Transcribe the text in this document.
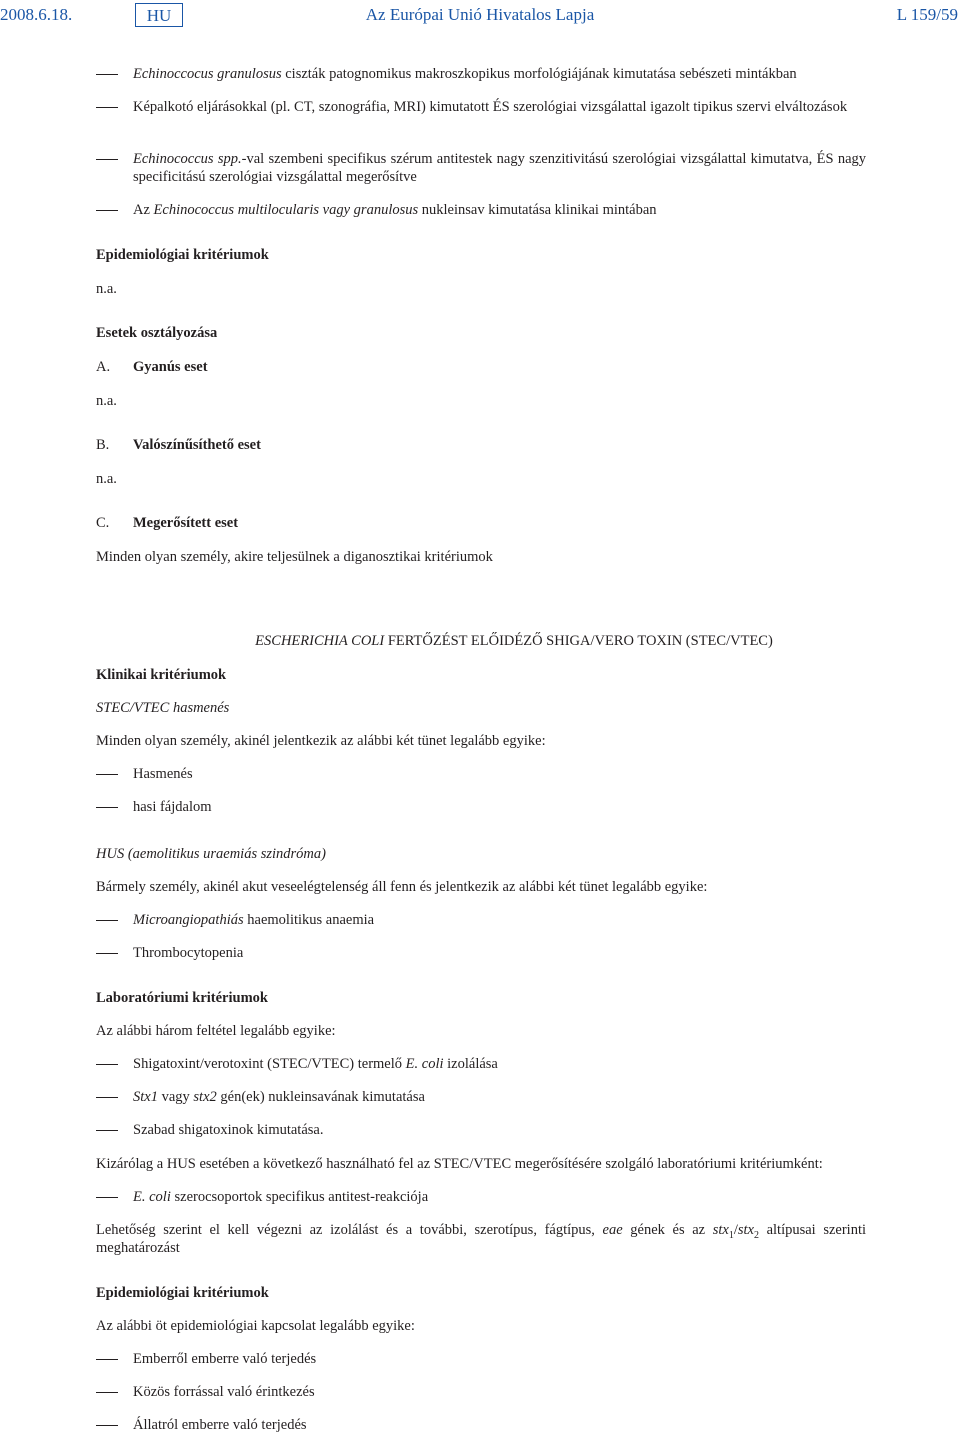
2008.6.18.	HU	Az Európai Unió Hivatalos Lapja	L 159/59
Echinoccocus granulosus ciszták patognomikus makroszkopikus morfológiájának kimutatása sebészeti mintákban
Képalkotó eljárásokkal (pl. CT, szonográfia, MRI) kimutatott ÉS szerológiai vizsgálattal igazolt tipikus szervi elváltozások
Echinococcus spp.-val szembeni specifikus szérum antitestek nagy szenzitivitású szerológiai vizsgálattal kimutatva, ÉS nagy specificitású szerológiai vizsgálattal megerősítve
Az Echinococcus multilocularis vagy granulosus nukleinsav kimutatása klinikai mintában
Epidemiológiai kritériumok
n.a.
Esetek osztályozása
A. Gyanús eset
n.a.
B. Valószínűsíthető eset
n.a.
C. Megerősített eset
Minden olyan személy, akire teljesülnek a diganosztikai kritériumok
ESCHERICHIA COLI FERTŐZÉST ELŐIDÉZŐ SHIGA/VERO TOXIN (STEC/VTEC)
Klinikai kritériumok
STEC/VTEC hasmenés
Minden olyan személy, akinél jelentkezik az alábbi két tünet legalább egyike:
Hasmenés
hasi fájdalom
HUS (aemolitikus uraemiás szindróma)
Bármely személy, akinél akut veseelégtelenség áll fenn és jelentkezik az alábbi két tünet legalább egyike:
Microangiopathiás haemolitikus anaemia
Thrombocytopenia
Laboratóriumi kritériumok
Az alábbi három feltétel legalább egyike:
Shigatoxint/verotoxint (STEC/VTEC) termelő E. coli izolálása
Stx1 vagy stx2 gén(ek) nukleinsavának kimutatása
Szabad shigatoxinok kimutatása.
Kizárólag a HUS esetében a következő használható fel az STEC/VTEC megerősítésére szolgáló laboratóriumi kritériumként:
E. coli szerocsoportok specifikus antitest-reakciója
Lehetőség szerint el kell végezni az izolálást és a további, szerotípus, fágtípus, eae gének és az stx$_1$/stx$_2$ altípusai szerinti meghatározást
Epidemiológiai kritériumok
Az alábbi öt epidemiológiai kapcsolat legalább egyike:
Emberről emberre való terjedés
Közös forrással való érintkezés
Állatról emberre való terjedés
